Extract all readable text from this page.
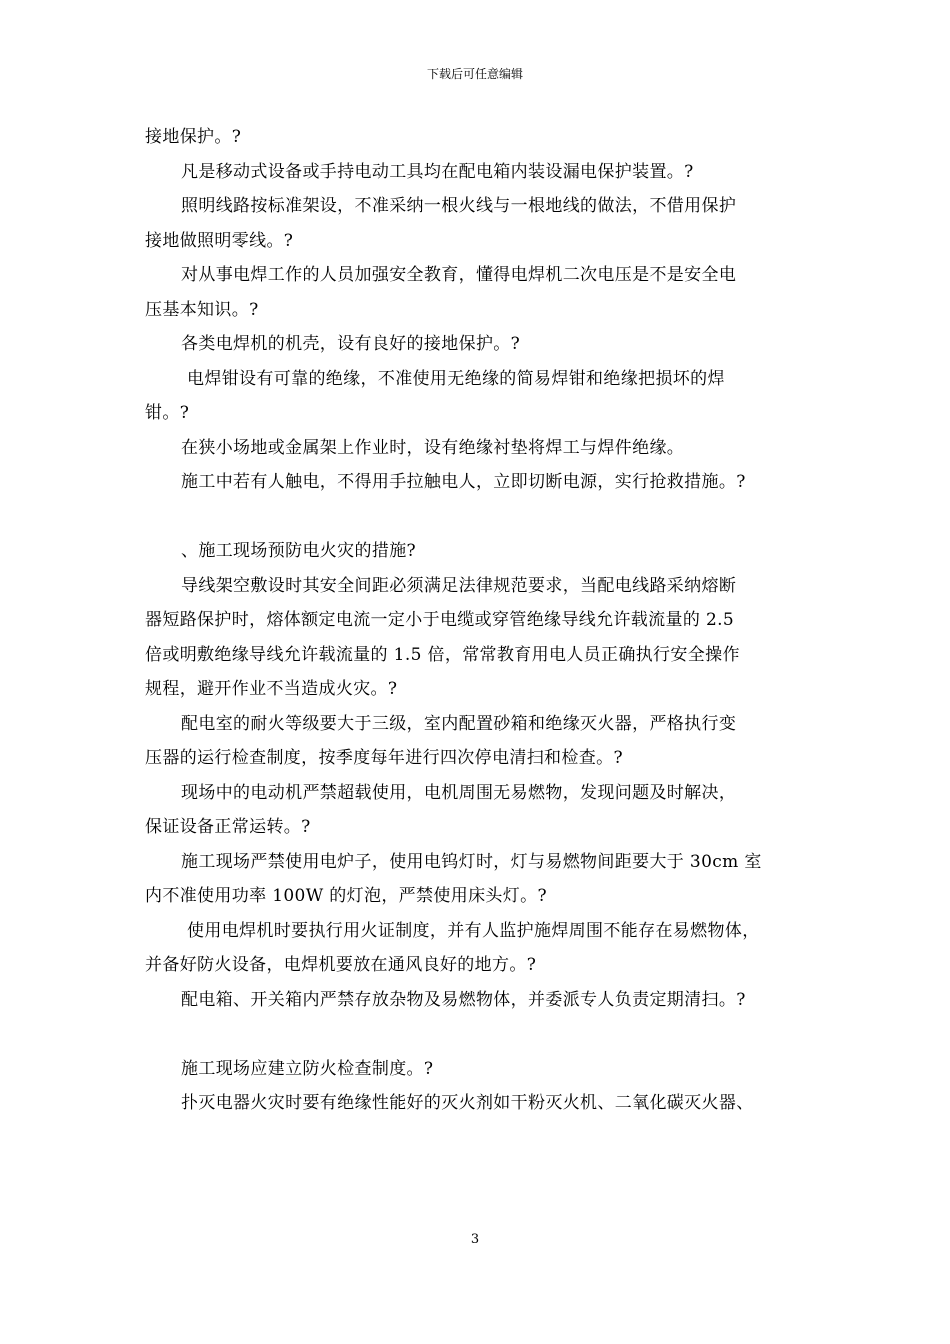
下载后可任意编辑
接地保护。?
凡是移动式设备或手持电动工具均在配电箱内装设漏电保护装置。?
照明线路按标准架设，不准采纳一根火线与一根地线的做法，不借用保护
接地做照明零线。?
对从事电焊工作的人员加强安全教育，懂得电焊机二次电压是不是安全电
压基本知识。?
各类电焊机的机壳，设有良好的接地保护。?
电焊钳设有可靠的绝缘，不准使用无绝缘的简易焊钳和绝缘把损坏的焊
钳。?
在狭小场地或金属架上作业时，设有绝缘衬垫将焊工与焊件绝缘。
施工中若有人触电，不得用手拉触电人，立即切断电源，实行抢救措施。?
、施工现场预防电火灾的措施?
导线架空敷设时其安全间距必须满足法律规范要求，当配电线路采纳熔断
器短路保护时，熔体额定电流一定小于电缆或穿管绝缘导线允许载流量的 2.5
倍或明敷绝缘导线允许载流量的 1.5 倍，常常教育用电人员正确执行安全操作
规程，避开作业不当造成火灾。?
配电室的耐火等级要大于三级，室内配置砂箱和绝缘灭火器，严格执行变
压器的运行检查制度，按季度每年进行四次停电清扫和检查。?
现场中的电动机严禁超载使用，电机周围无易燃物，发现问题及时解决，
保证设备正常运转。?
施工现场严禁使用电炉子，使用电钨灯时，灯与易燃物间距要大于 30cm 室
内不准使用功率 100W 的灯泡，严禁使用床头灯。?
使用电焊机时要执行用火证制度，并有人监护施焊周围不能存在易燃物体，
并备好防火设备，电焊机要放在通风良好的地方。?
配电箱、开关箱内严禁存放杂物及易燃物体，并委派专人负责定期清扫。?
施工现场应建立防火检查制度。?
扑灭电器火灾时要有绝缘性能好的灭火剂如干粉灭火机、二氧化碳灭火器、
3
